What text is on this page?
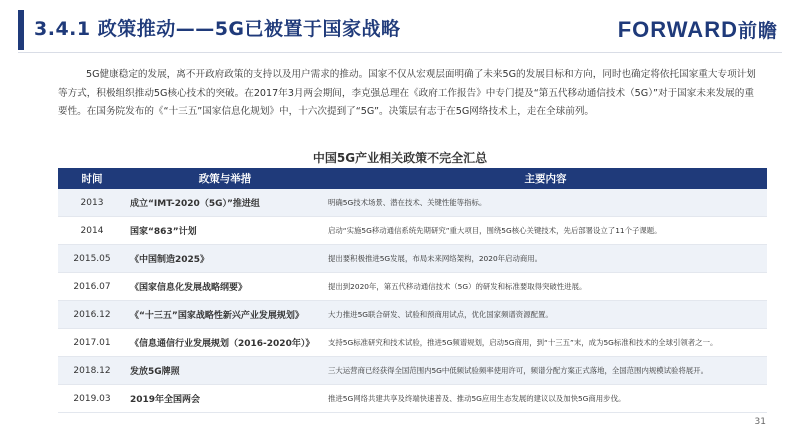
3.4.1 政策推动——5G已被置于国家战略	FORWARD前瞻
5G健康稳定的发展，离不开政府政策的支持以及用户需求的推动。国家不仅从宏观层面明确了未来5G的发展目标和方向，同时也确定将依托国家重大专项计划等方式，积极组织推动5G核心技术的突破。在2017年3月两会期间，李克强总理在《政府工作报告》中专门提及“第五代移动通信技术（5G）”对于国家未来发展的重要性。在国务院发布的《“十三五”国家信息化规划》中，十六次提到了“5G”。决策层有志于在5G网络技术上，走在全球前列。
中国5G产业相关政策不完全汇总
时间	政策与举措	主要内容
2013	成立“IMT-2020（5G）”推进组	明确5G技术场景、潜在技术、关键性能等指标。
2014	国家“863”计划	启动“实施5G移动通信系统先期研究”重大项目，围绕5G核心关键技术，先后部署设立了11个子课题。
2015.05	《中国制造2025》	提出要积极推进5G发展，布局未来网络架构，2020年启动商用。
2016.07	《国家信息化发展战略纲要》	提出到2020年，第五代移动通信技术（5G）的研发和标准要取得突破性进展。
2016.12	《“十三五”国家战略性新兴产业发展规划》	大力推进5G联合研发、试验和预商用试点，优化国家频谱资源配置。
2017.01	《信息通信行业发展规划（2016-2020年）》	支持5G标准研究和技术试验，推进5G频谱规划，启动5G商用，到“十三五”末，成为5G标准和技术的全球引领者之一。
2018.12	发放5G牌照	三大运营商已经获得全国范围内5G中低频试验频率使用许可，频谱分配方案正式落地，全国范围内规模试验将展开。
2019.03	2019年全国两会	推进5G网络共建共享及终端快速普及、推动5G应用生态发展的建议以及加快5G商用步伐。
31
